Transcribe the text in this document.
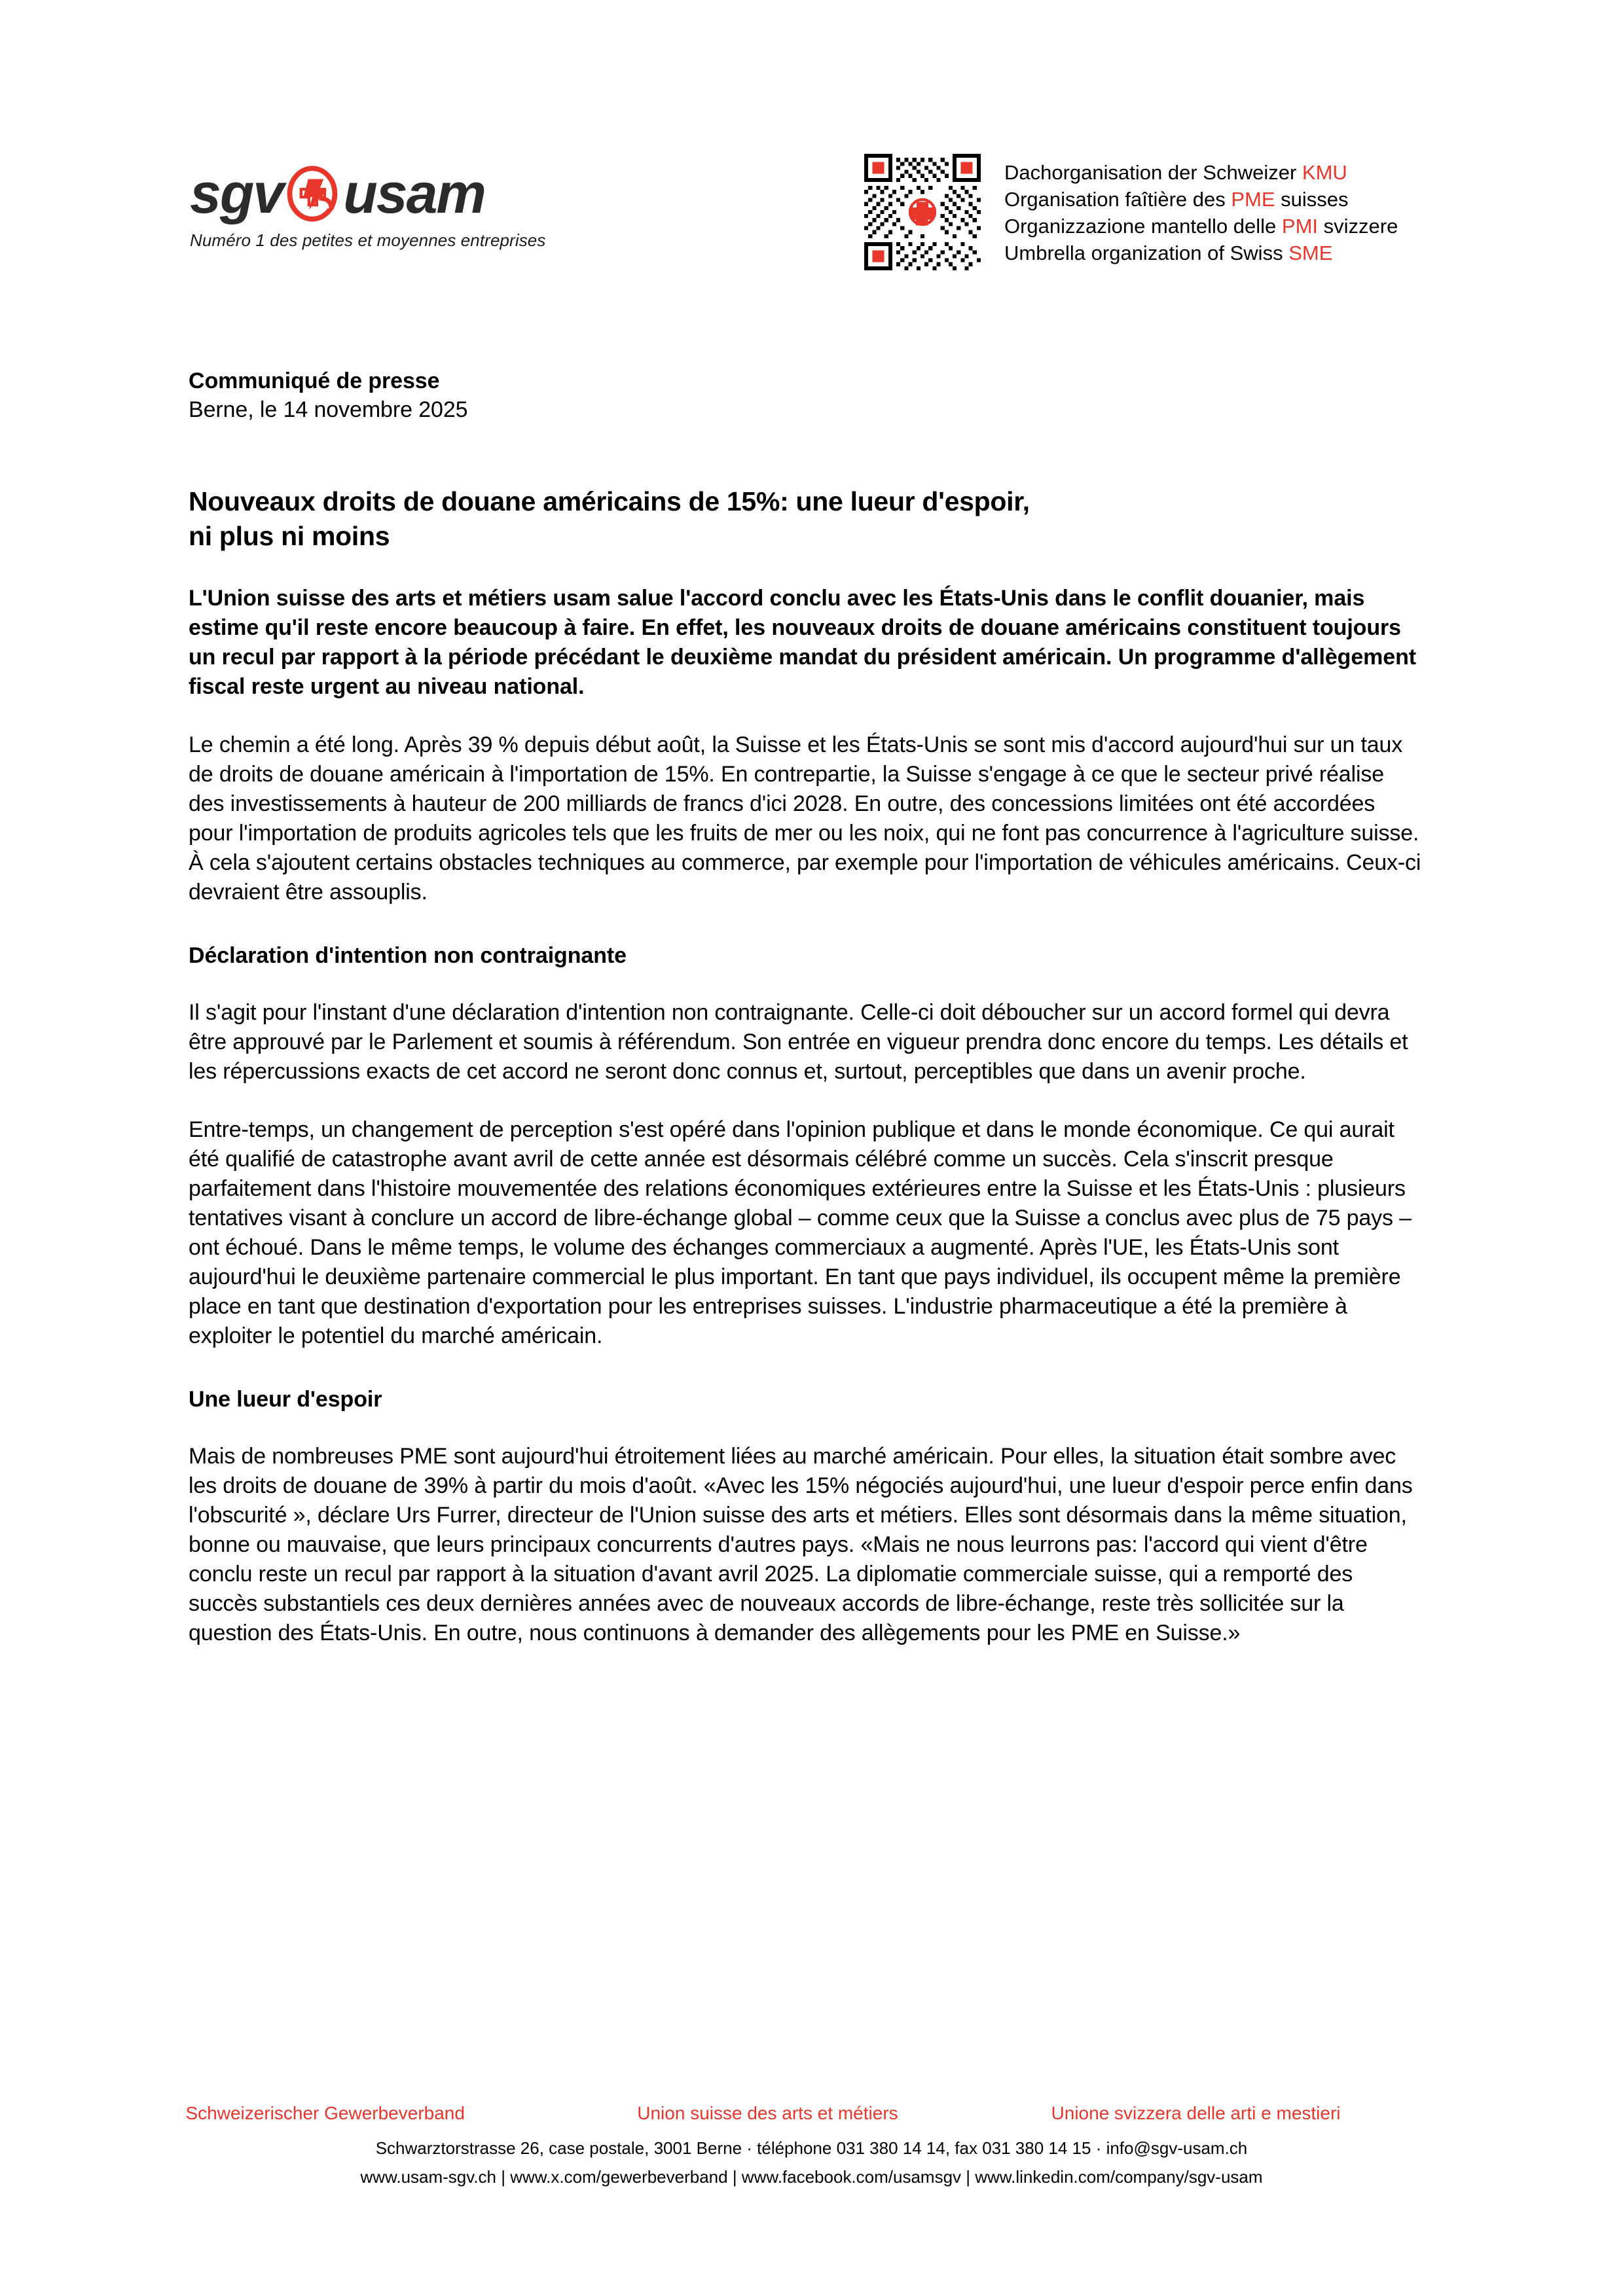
sgv usam
Numéro 1 des petites et moyennes entreprises
Dachorganisation der Schweizer KMU
Organisation faîtière des PME suisses
Organizzazione mantello delle PMI svizzere
Umbrella organization of Swiss SME
Communiqué de presse
Berne, le 14 novembre 2025
Nouveaux droits de douane américains de 15%: une lueur d'espoir,
ni plus ni moins

L'Union suisse des arts et métiers usam salue l'accord conclu avec les États-Unis dans le conflit douanier, mais estime qu'il reste encore beaucoup à faire. En effet, les nouveaux droits de douane américains constituent toujours un recul par rapport à la période précédant le deuxième mandat du président américain. Un programme d'allègement fiscal reste urgent au niveau national.

Le chemin a été long. Après 39 % depuis début août, la Suisse et les États-Unis se sont mis d'accord aujourd'hui sur un taux de droits de douane américain à l'importation de 15%. En contrepartie, la Suisse s'engage à ce que le secteur privé réalise des investissements à hauteur de 200 milliards de francs d'ici 2028. En outre, des concessions limitées ont été accordées pour l'importation de produits agricoles tels que les fruits de mer ou les noix, qui ne font pas concurrence à l'agriculture suisse. À cela s'ajoutent certains obstacles techniques au commerce, par exemple pour l'importation de véhicules américains. Ceux-ci devraient être assouplis.

Déclaration d'intention non contraignante

Il s'agit pour l'instant d'une déclaration d'intention non contraignante. Celle-ci doit déboucher sur un accord formel qui devra être approuvé par le Parlement et soumis à référendum. Son entrée en vigueur prendra donc encore du temps. Les détails et les répercussions exacts de cet accord ne seront donc connus et, surtout, perceptibles que dans un avenir proche.

Entre-temps, un changement de perception s'est opéré dans l'opinion publique et dans le monde économique. Ce qui aurait été qualifié de catastrophe avant avril de cette année est désormais célébré comme un succès. Cela s'inscrit presque parfaitement dans l'histoire mouvementée des relations économiques extérieures entre la Suisse et les États-Unis : plusieurs tentatives visant à conclure un accord de libre-échange global – comme ceux que la Suisse a conclus avec plus de 75 pays – ont échoué. Dans le même temps, le volume des échanges commerciaux a augmenté. Après l'UE, les États-Unis sont aujourd'hui le deuxième partenaire commercial le plus important. En tant que pays individuel, ils occupent même la première place en tant que destination d'exportation pour les entreprises suisses. L'industrie pharmaceutique a été la première à exploiter le potentiel du marché américain.

Une lueur d'espoir

Mais de nombreuses PME sont aujourd'hui étroitement liées au marché américain. Pour elles, la situation était sombre avec les droits de douane de 39% à partir du mois d'août. «Avec les 15% négociés aujourd'hui, une lueur d'espoir perce enfin dans l'obscurité », déclare Urs Furrer, directeur de l'Union suisse des arts et métiers. Elles sont désormais dans la même situation, bonne ou mauvaise, que leurs principaux concurrents d'autres pays. «Mais ne nous leurrons pas: l'accord qui vient d'être conclu reste un recul par rapport à la situation d'avant avril 2025. La diplomatie commerciale suisse, qui a remporté des succès substantiels ces deux dernières années avec de nouveaux accords de libre-échange, reste très sollicitée sur la question des États-Unis. En outre, nous continuons à demander des allègements pour les PME en Suisse.»

Schweizerischer Gewerbeverband	Union suisse des arts et métiers	Unione svizzera delle arti e mestieri
Schwarztorstrasse 26, case postale, 3001 Berne · téléphone 031 380 14 14, fax 031 380 14 15 · info@sgv-usam.ch
www.usam-sgv.ch | www.x.com/gewerbeverband | www.facebook.com/usamsgv | www.linkedin.com/company/sgv-usam
